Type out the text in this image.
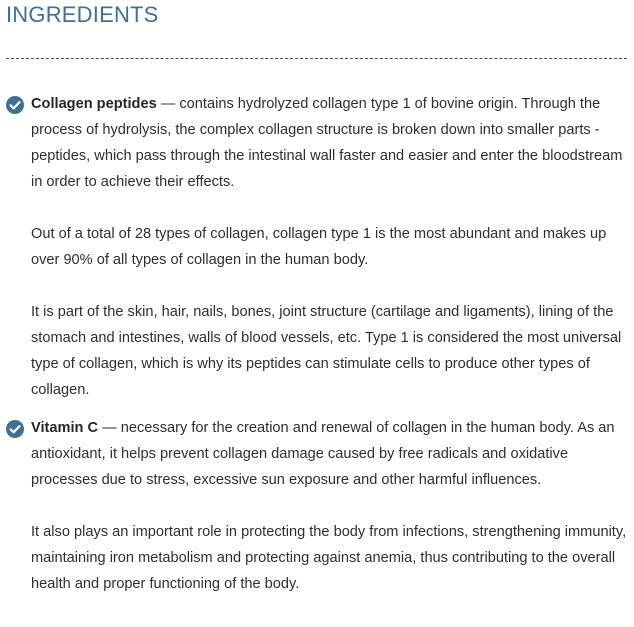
INGREDIENTS

Collagen peptides — contains hydrolyzed collagen type 1 of bovine origin. Through the process of hydrolysis, the complex collagen structure is broken down into smaller parts - peptides, which pass through the intestinal wall faster and easier and enter the bloodstream in order to achieve their effects.

Out of a total of 28 types of collagen, collagen type 1 is the most abundant and makes up over 90% of all types of collagen in the human body.

It is part of the skin, hair, nails, bones, joint structure (cartilage and ligaments), lining of the stomach and intestines, walls of blood vessels, etc. Type 1 is considered the most universal type of collagen, which is why its peptides can stimulate cells to produce other types of collagen.

Vitamin C — necessary for the creation and renewal of collagen in the human body. As an antioxidant, it helps prevent collagen damage caused by free radicals and oxidative processes due to stress, excessive sun exposure and other harmful influences.

It also plays an important role in protecting the body from infections, strengthening immunity, maintaining iron metabolism and protecting against anemia, thus contributing to the overall health and proper functioning of the body.
